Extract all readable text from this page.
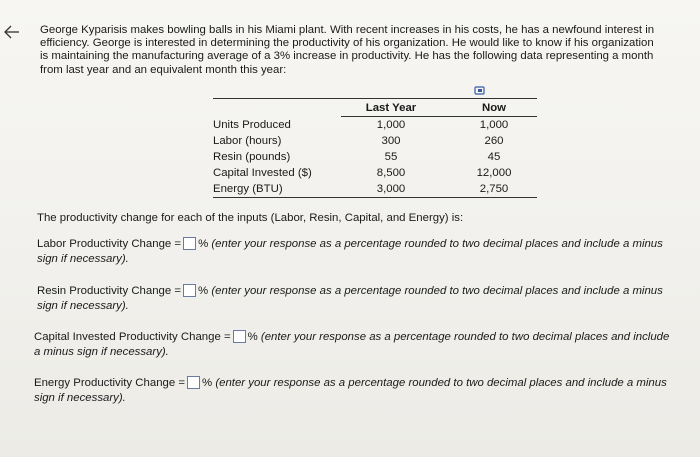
George Kyparisis makes bowling balls in his Miami plant. With recent increases in his costs, he has a newfound interest in efficiency. George is interested in determining the productivity of his organization. He would like to know if his organization is maintaining the manufacturing average of a 3% increase in productivity. He has the following data representing a month from last year and an equivalent month this year:

	Last Year	Now
Units Produced	1,000	1,000
Labor (hours)	300	260
Resin (pounds)	55	45
Capital Invested ($)	8,500	12,000
Energy (BTU)	3,000	2,750

The productivity change for each of the inputs (Labor, Resin, Capital, and Energy) is:

Labor Productivity Change = % (enter your response as a percentage rounded to two decimal places and include a minus sign if necessary).

Resin Productivity Change = % (enter your response as a percentage rounded to two decimal places and include a minus sign if necessary).

Capital Invested Productivity Change = % (enter your response as a percentage rounded to two decimal places and include a minus sign if necessary).

Energy Productivity Change = % (enter your response as a percentage rounded to two decimal places and include a minus sign if necessary).
